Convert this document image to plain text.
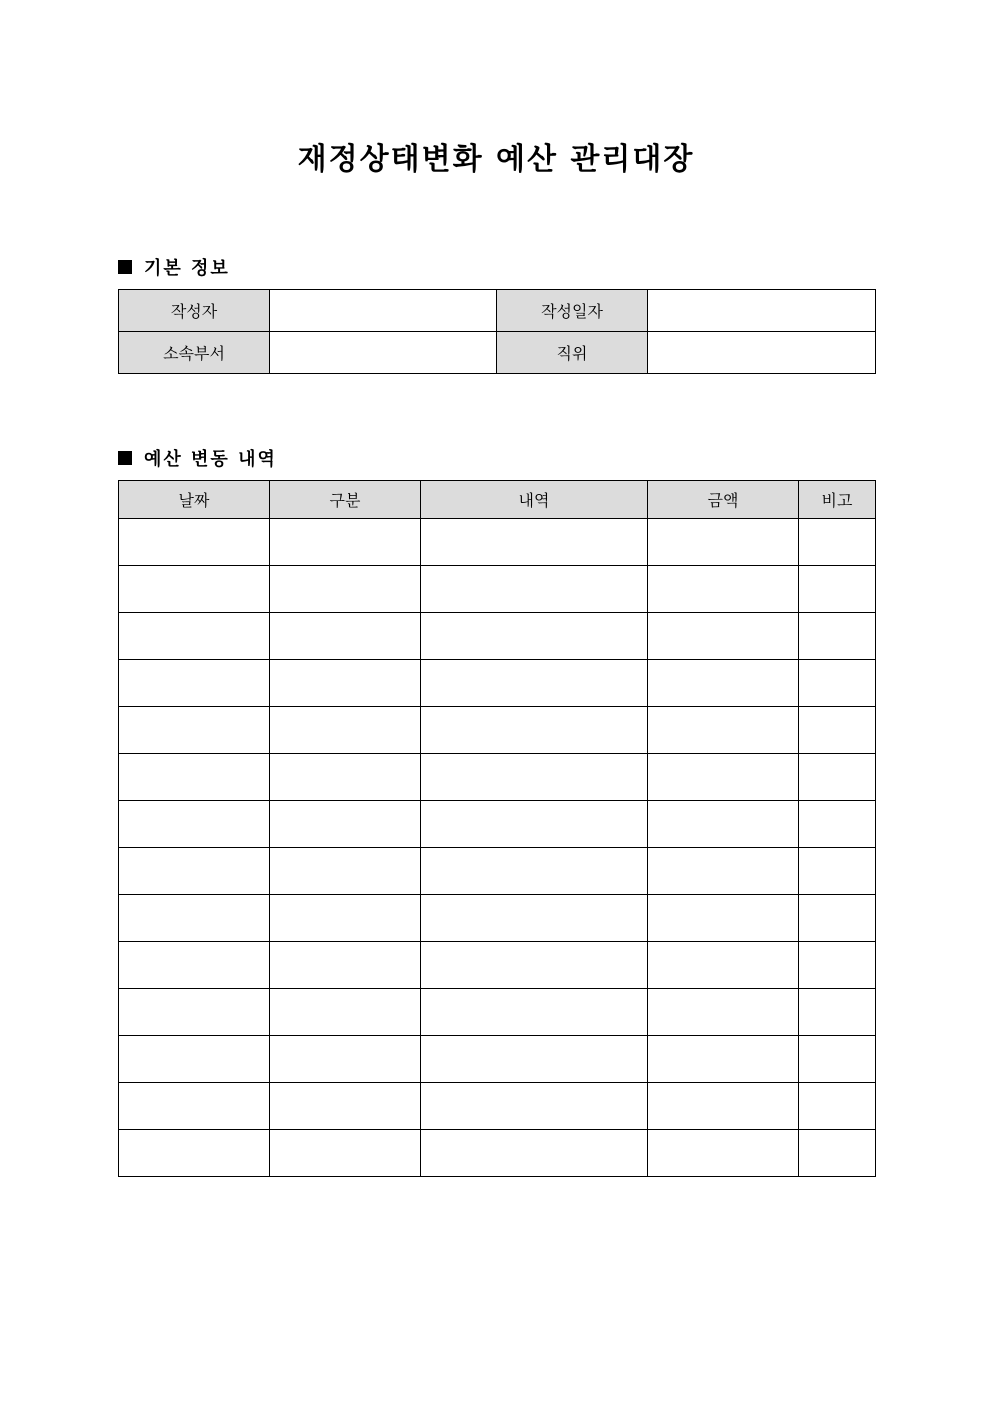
재정상태변화 예산 관리대장
기본 정보
작성자		작성일자	
소속부서		직위	
예산 변동 내역
날짜	구분	내역	금액	비고
